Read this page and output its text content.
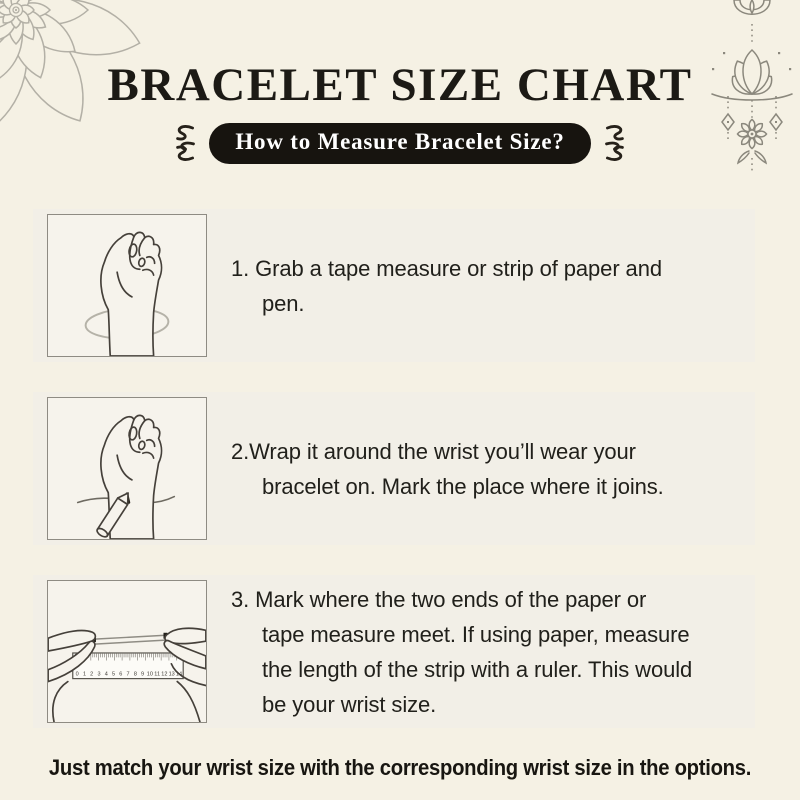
BRACELET SIZE CHART
How to Measure Bracelet Size?
1. Grab a tape measure or strip of paper and
pen.
2.Wrap it around the wrist you’ll wear your
bracelet on. Mark the place where it joins.
0 1 2 3 4 5 6 7 8 9 10 11 12 13 14
3. Mark where the two ends of the paper or
tape measure meet. If using paper, measure
the length of the strip with a ruler. This would
be your wrist size.

Just match your wrist size with the corresponding wrist size in the options.
